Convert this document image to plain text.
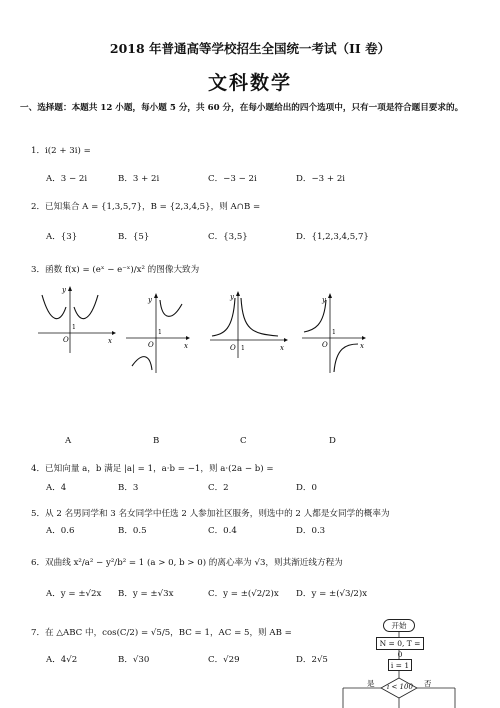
2018 年普通高等学校招生全国统一考试（II 卷）
文科数学
一、选择题：本题共 12 小题，每小题 5 分，共 60 分，在每小题给出的四个选项中，只有一项是符合题目要求的。
1．i(2 + 3i) =
A．3 − 2i	B．3 + 2i	C．−3 − 2i	D．−3 + 2i
2．已知集合 A = {1,3,5,7}，B = {2,3,4,5}，则 A∩B =
A．{3}	B．{5}	C．{3,5}	D．{1,2,3,4,5,7}
3．函数 f(x) = (eˣ − e⁻ˣ)/x² 的图像大致为
y
x
O
1
y
x
O
1
y
x
O 1
y
x
O
1
A	B	C	D
4．已知向量 a，b 满足 |a| = 1，a·b = −1，则 a·(2a − b) =
A．4	B．3	C．2	D．0
5．从 2 名男同学和 3 名女同学中任选 2 人参加社区服务，则选中的 2 人都是女同学的概率为
A．0.6	B．0.5	C．0.4	D．0.3
6．双曲线 x²/a² − y²/b² = 1 (a > 0, b > 0) 的离心率为 √3，则其渐近线方程为
A．y = ±√2x B．y = ±√3x	C．y = ±(√2/2)x D．y = ±(√3/2)x
7．在 △ABC 中，cos(C/2) = √5/5，BC = 1，AC = 5，则 AB =
A．4√2	B．√30	C．√29	D．2√5
开始
N = 0, T = 0
i = 1
i < 100
是	否
